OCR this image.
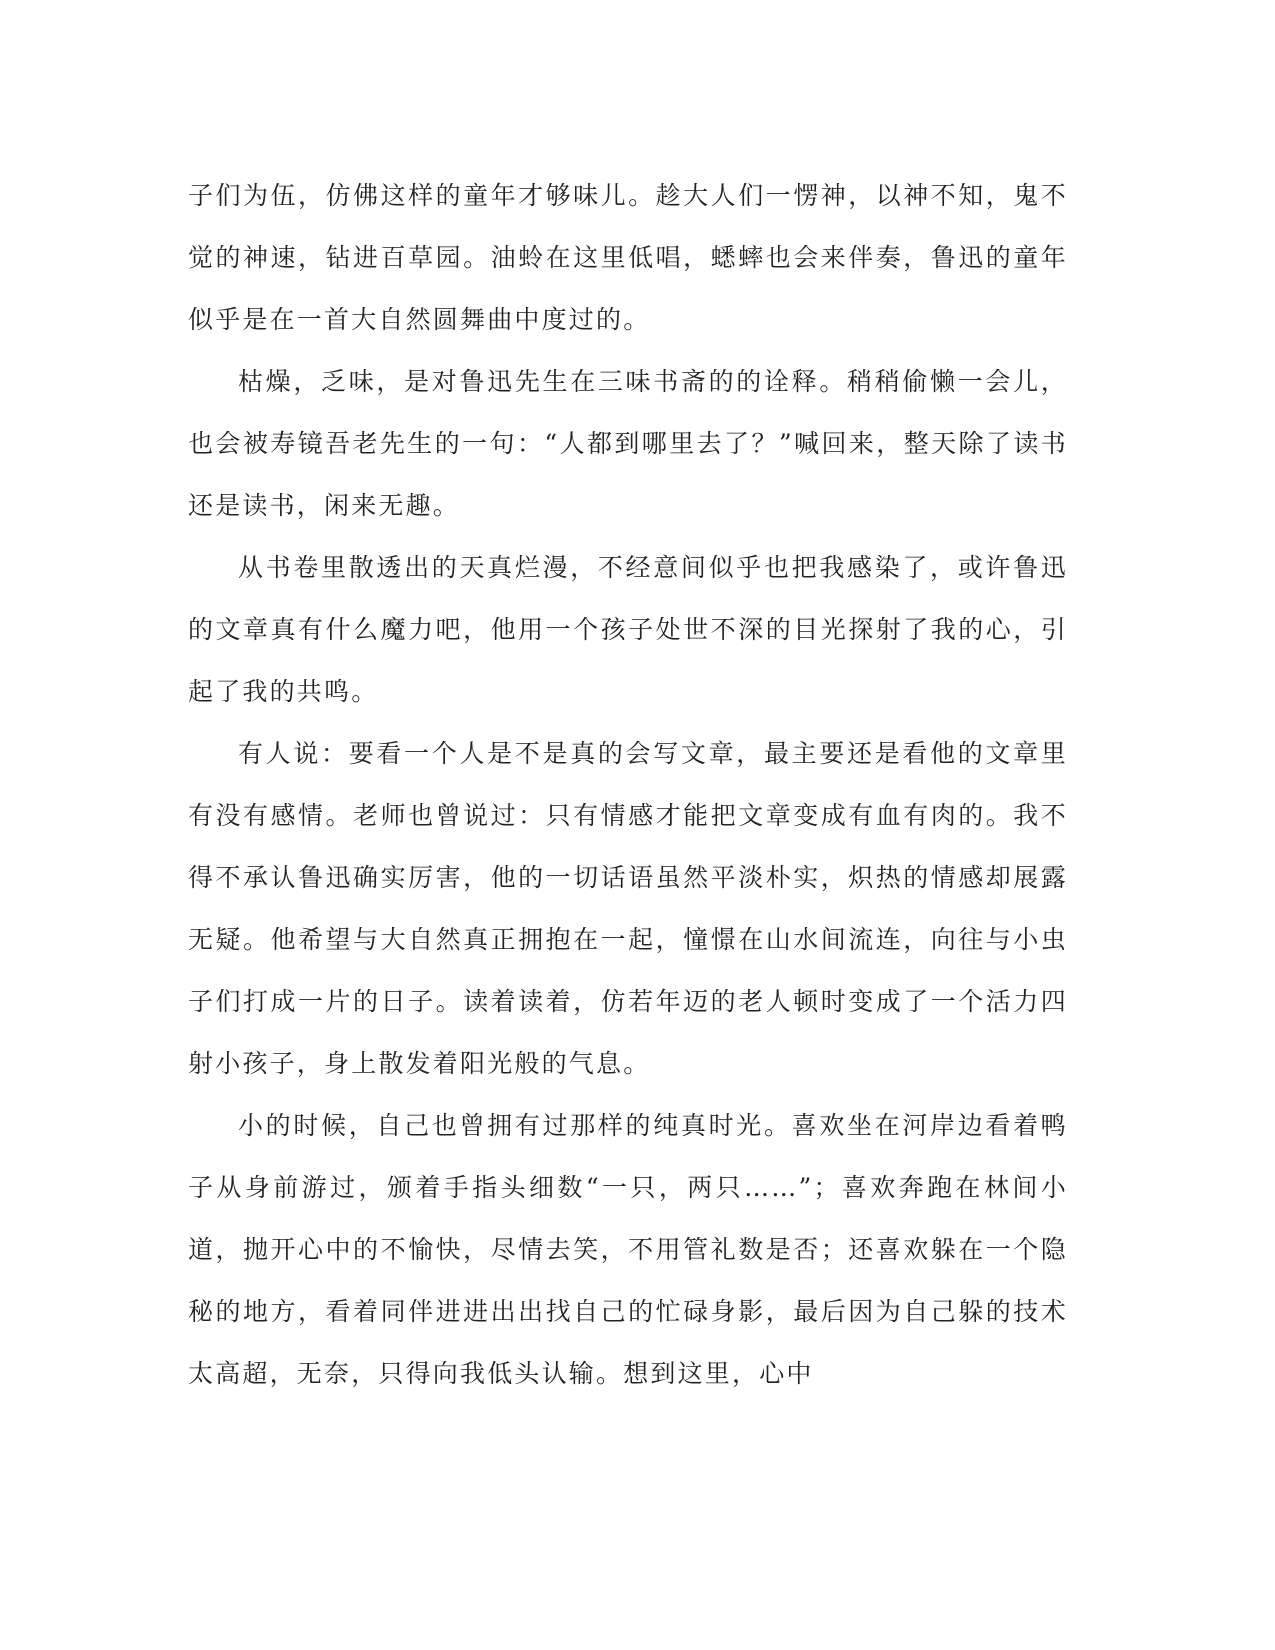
子们为伍，仿佛这样的童年才够味儿。趁大人们一愣神，以神不知，鬼不觉的神速，钻进百草园。油蛉在这里低唱，蟋蟀也会来伴奏，鲁迅的童年似乎是在一首大自然圆舞曲中度过的。

枯燥，乏味，是对鲁迅先生在三味书斋的的诠释。稍稍偷懒一会儿，也会被寿镜吾老先生的一句：“人都到哪里去了？”喊回来，整天除了读书还是读书，闲来无趣。

从书卷里散透出的天真烂漫，不经意间似乎也把我感染了，或许鲁迅的文章真有什么魔力吧，他用一个孩子处世不深的目光探射了我的心，引起了我的共鸣。

有人说：要看一个人是不是真的会写文章，最主要还是看他的文章里有没有感情。老师也曾说过：只有情感才能把文章变成有血有肉的。我不得不承认鲁迅确实厉害，他的一切话语虽然平淡朴实，炽热的情感却展露无疑。他希望与大自然真正拥抱在一起，憧憬在山水间流连，向往与小虫子们打成一片的日子。读着读着，仿若年迈的老人顿时变成了一个活力四射小孩子，身上散发着阳光般的气息。

小的时候，自己也曾拥有过那样的纯真时光。喜欢坐在河岸边看着鸭子从身前游过，颁着手指头细数“一只，两只……”；喜欢奔跑在林间小道，抛开心中的不愉快，尽情去笑，不用管礼数是否；还喜欢躲在一个隐秘的地方，看着同伴进进出出找自己的忙碌身影，最后因为自己躲的技术太高超，无奈，只得向我低头认输。想到这里，心中
